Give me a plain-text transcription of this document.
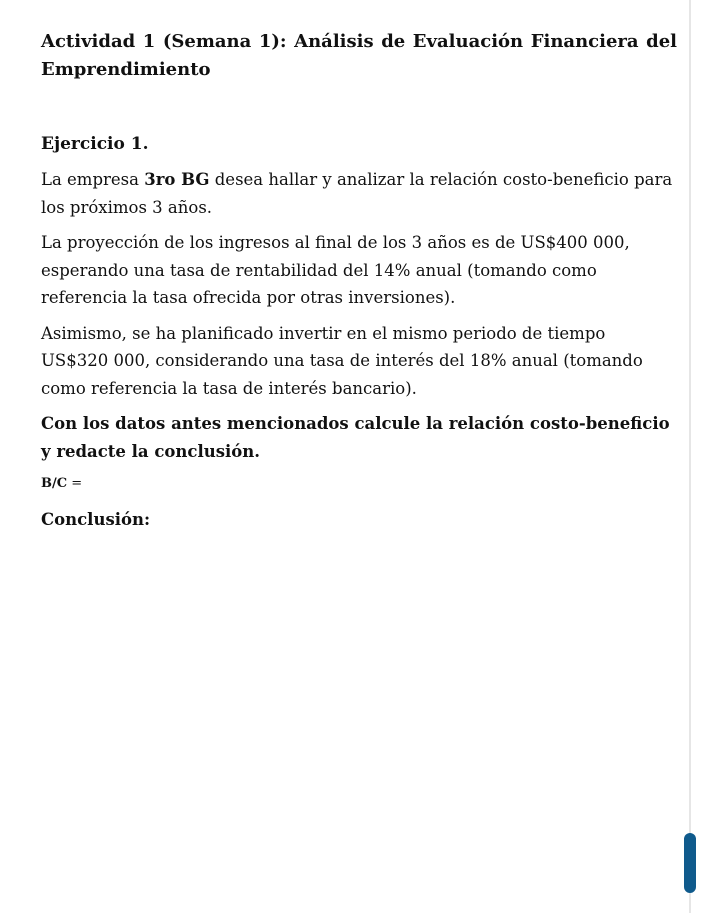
Actividad 1 (Semana 1): Análisis de Evaluación Financiera del Emprendimiento
Ejercicio 1.

La empresa 3ro BG desea hallar y analizar la relación costo-beneficio para los próximos 3 años.

La proyección de los ingresos al final de los 3 años es de US$400 000, esperando una tasa de rentabilidad del 14% anual (tomando como referencia la tasa ofrecida por otras inversiones).

Asimismo, se ha planificado invertir en el mismo periodo de tiempo US$320 000, considerando una tasa de interés del 18% anual (tomando como referencia la tasa de interés bancario).

Con los datos antes mencionados calcule la relación costo-beneficio y redacte la conclusión.

B/C =
Conclusión:
